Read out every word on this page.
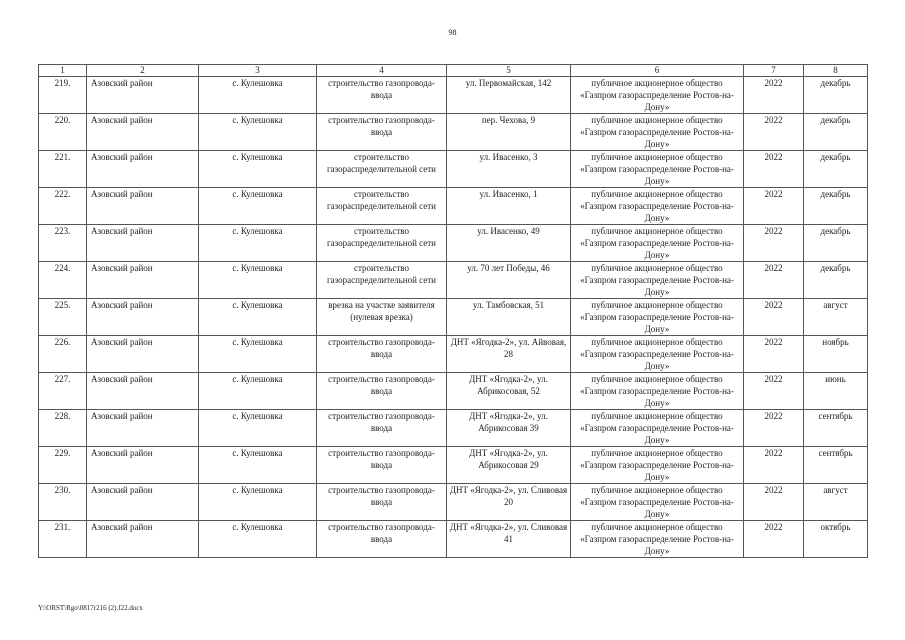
98
1	2	3	4	5	6	7	8
219.	Азовский район	с. Кулешовка	строительство газопровода-ввода	ул. Первомайская, 142	публичное акционерное общество «Газпром газораспределение Ростов-на-Дону»	2022	декабрь
220.	Азовский район	с. Кулешовка	строительство газопровода-ввода	пер. Чехова, 9	публичное акционерное общество «Газпром газораспределение Ростов-на-Дону»	2022	декабрь
221.	Азовский район	с. Кулешовка	строительство газораспределительной сети	ул. Ивасенко, 3	публичное акционерное общество «Газпром газораспределение Ростов-на-Дону»	2022	декабрь
222.	Азовский район	с. Кулешовка	строительство газораспределительной сети	ул. Ивасенко, 1	публичное акционерное общество «Газпром газораспределение Ростов-на-Дону»	2022	декабрь
223.	Азовский район	с. Кулешовка	строительство газораспределительной сети	ул. Ивасенко, 49	публичное акционерное общество «Газпром газораспределение Ростов-на-Дону»	2022	декабрь
224.	Азовский район	с. Кулешовка	строительство газораспределительной сети	ул. 70 лет Победы, 46	публичное акционерное общество «Газпром газораспределение Ростов-на-Дону»	2022	декабрь
225.	Азовский район	с. Кулешовка	врезка на участке заявителя (нулевая врезка)	ул. Тамбовская, 51	публичное акционерное общество «Газпром газораспределение Ростов-на-Дону»	2022	август
226.	Азовский район	с. Кулешовка	строительство газопровода-ввода	ДНТ «Ягодка-2», ул. Айвовая, 28	публичное акционерное общество «Газпром газораспределение Ростов-на-Дону»	2022	ноябрь
227.	Азовский район	с. Кулешовка	строительство газопровода-ввода	ДНТ «Ягодка-2», ул. Абрикосовая, 52	публичное акционерное общество «Газпром газораспределение Ростов-на-Дону»	2022	июнь
228.	Азовский район	с. Кулешовка	строительство газопровода-ввода	ДНТ «Ягодка-2», ул. Абрикосовая 39	публичное акционерное общество «Газпром газораспределение Ростов-на-Дону»	2022	сентябрь
229.	Азовский район	с. Кулешовка	строительство газопровода-ввода	ДНТ «Ягодка-2», ул. Абрикосовая 29	публичное акционерное общество «Газпром газораспределение Ростов-на-Дону»	2022	сентябрь
230.	Азовский район	с. Кулешовка	строительство газопровода-ввода	ДНТ «Ягодка-2», ул. Сливовая 20	публичное акционерное общество «Газпром газораспределение Ростов-на-Дону»	2022	август
231.	Азовский район	с. Кулешовка	строительство газопровода-ввода	ДНТ «Ягодка-2», ул. Сливовая 41	публичное акционерное общество «Газпром газораспределение Ростов-на-Дону»	2022	октябрь
Y:\ORST\Rgo\0817r216 (2).f22.docx
